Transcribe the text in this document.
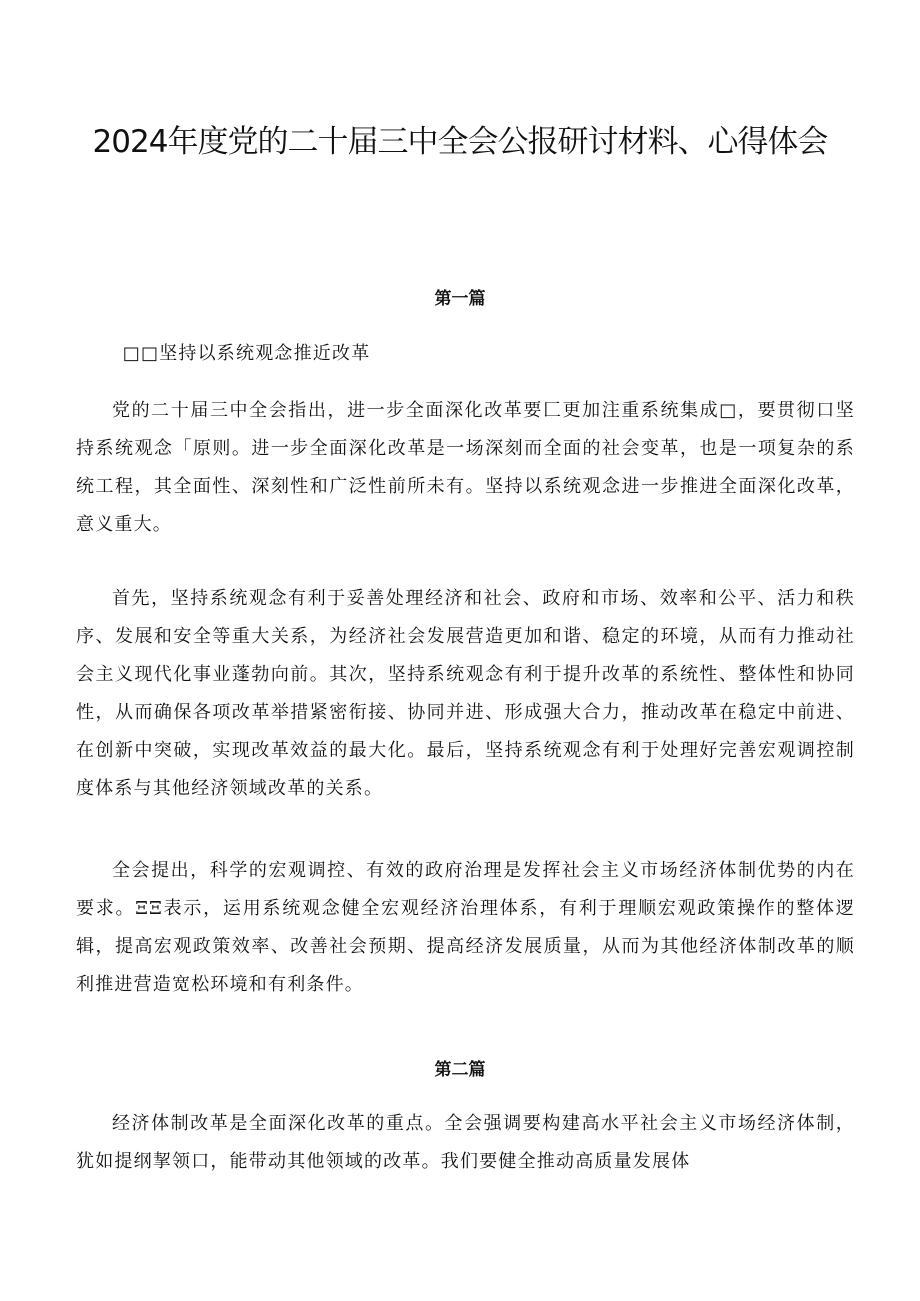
2024年度党的二十届三中全会公报研讨材料、心得体会
第一篇

□□坚持以系统观念推近改革

党的二十届三中全会指出，进一步全面深化改革要匚更加注重系统集成□，要贯彻口坚持系统观念「原则。进一步全面深化改革是一场深刻而全面的社会变革，也是一项复杂的系统工程，其全面性、深刻性和广泛性前所未有。坚持以系统观念进一步推进全面深化改革，意义重大。

首先，坚持系统观念有利于妥善处理经济和社会、政府和市场、效率和公平、活力和秩序、发展和安全等重大关系，为经济社会发展营造更加和谐、稳定的环境，从而有力推动社会主义现代化事业蓬勃向前。其次，坚持系统观念有利于提升改革的系统性、整体性和协同性，从而确保各项改革举措紧密衔接、协同并进、形成强大合力，推动改革在稳定中前进、在创新中突破，实现改革效益的最大化。最后，坚持系统观念有利于处理好完善宏观调控制度体系与其他经济领域改革的关系。

全会提出，科学的宏观调控、有效的政府治理是发挥社会主义市场经济体制优势的内在要求。ΞΞ表示，运用系统观念健全宏观经济治理体系，有利于理顺宏观政策操作的整体逻辑，提高宏观政策效率、改善社会预期、提高经济发展质量，从而为其他经济体制改革的顺利推进营造宽松环境和有利条件。

第二篇

经济体制改革是全面深化改革的重点。全会强调要构建高水平社会主义市场经济体制，犹如提纲挈领口，能带动其他领域的改革。我们要健全推动高质量发展体
